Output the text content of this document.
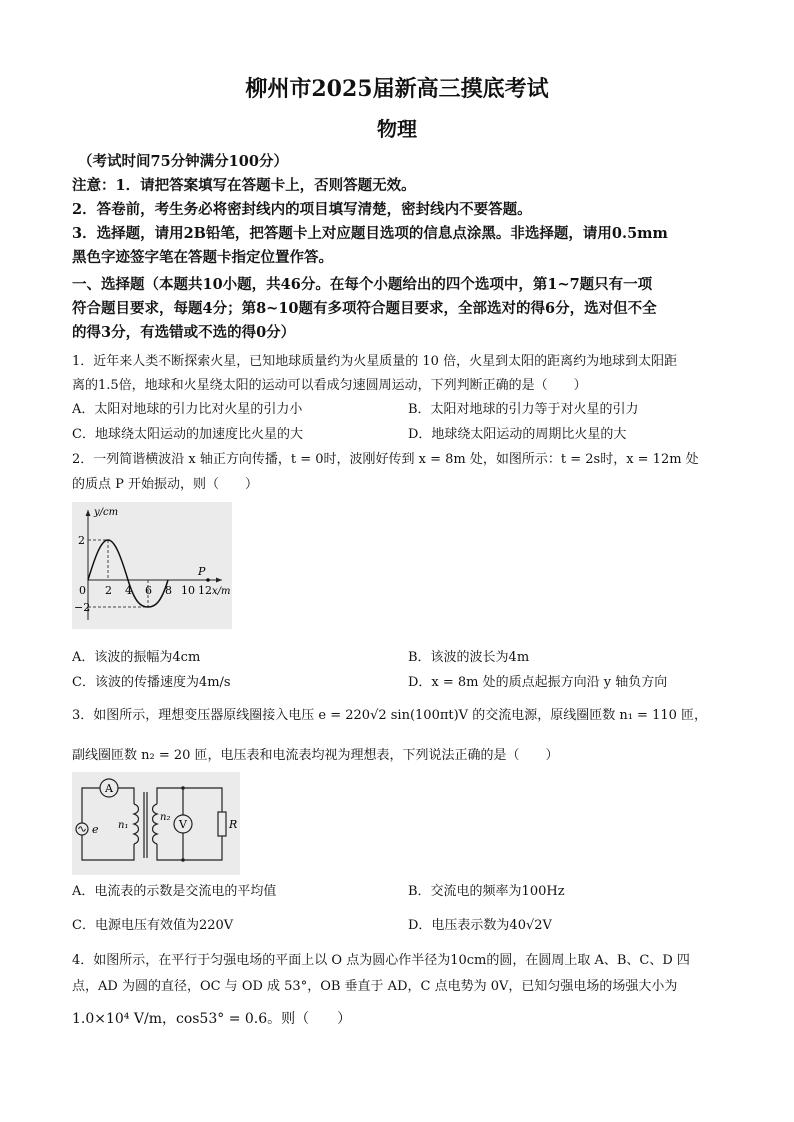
柳州市2025届新高三摸底考试
物理
（考试时间75分钟满分100分）
注意：1．请把答案填写在答题卡上，否则答题无效。
2．答卷前，考生务必将密封线内的项目填写清楚，密封线内不要答题。
3．选择题，请用2B铅笔，把答题卡上对应题目选项的信息点涂黑。非选择题，请用0.5mm
黑色字迹签字笔在答题卡指定位置作答。
一、选择题（本题共10小题，共46分。在每个小题给出的四个选项中，第1~7题只有一项
符合题目要求，每题4分；第8~10题有多项符合题目要求，全部选对的得6分，选对但不全
的得3分，有选错或不选的得0分）
1．近年来人类不断探索火星，已知地球质量约为火星质量的 10 倍，火星到太阳的距离约为地球到太阳距
离的1.5倍，地球和火星绕太阳的运动可以看成匀速圆周运动，下列判断正确的是（　　）
A．太阳对地球的引力比对火星的引力小	B．太阳对地球的引力等于对火星的引力
C．地球绕太阳运动的加速度比火星的大	D．地球绕太阳运动的周期比火星的大
2．一列简谐横波沿 x 轴正方向传播，t = 0时，波刚好传到 x = 8m 处，如图所示：t = 2s时，x = 12m 处
的质点 P 开始振动，则（　　）
y/cm
x/m
P
0
2
−2
2 4 6 8 10 12
A．该波的振幅为4cm	B．该波的波长为4m
C．该波的传播速度为4m/s	D．x = 8m 处的质点起振方向沿 y 轴负方向
3．如图所示，理想变压器原线圈接入电压 e = 220√2 sin(100πt)V 的交流电源，原线圈匝数 n₁ = 110 匝，
副线圈匝数 n₂ = 20 匝，电压表和电流表均视为理想表，下列说法正确的是（　　）
A
e n₁
n₂
V	R
A．电流表的示数是交流电的平均值	B．交流电的频率为100Hz
C．电源电压有效值为220V	D．电压表示数为40√2V
4．如图所示，在平行于匀强电场的平面上以 O 点为圆心作半径为10cm的圆，在圆周上取 A、B、C、D 四
点，AD 为圆的直径，OC 与 OD 成 53°，OB 垂直于 AD，C 点电势为 0V，已知匀强电场的场强大小为
1.0×10⁴ V/m，cos53° = 0.6。则（　　）
